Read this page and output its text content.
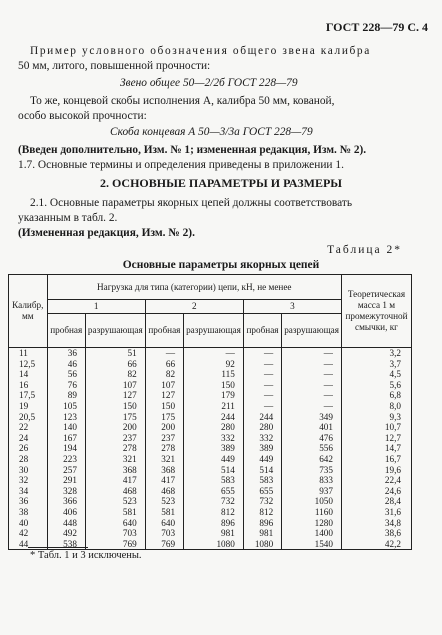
ГОСТ 228—79 С. 4
Пример условного обозначения общего звена калибра
50 мм, литого, повышенной прочности:
Звено общее 50—2/2б ГОСТ 228—79
То же, концевой скобы исполнения А, калибра 50 мм, кованой,
особо высокой прочности:
Скоба концевая А 50—3/3а ГОСТ 228—79
(Введен дополнительно, Изм. № 1; измененная редакция, Изм. № 2).
1.7. Основные термины и определения приведены в приложении 1.
2. ОСНОВНЫЕ ПАРАМЕТРЫ И РАЗМЕРЫ
2.1. Основные параметры якорных цепей должны соответствовать
указанным в табл. 2.
(Измененная редакция, Изм. № 2).
Таблица 2*
Основные параметры якорных цепей
Калибр, мм	Нагрузка для типа (категории) цепи, кН, не менее						Теоретическая масса 1 м промежуточной смычки, кг
	1		2		3		
	пробная	разрушающая	пробная	разрушающая	пробная	разрушающая	
11	36	51	—	—	—	—	3,2
12,5	46	66	66	92	—	—	3,7
14	56	82	82	115	—	—	4,5
16	76	107	107	150	—	—	5,6
17,5	89	127	127	179	—	—	6,8
19	105	150	150	211	—	—	8,0
20,5	123	175	175	244	244	349	9,3
22	140	200	200	280	280	401	10,7
24	167	237	237	332	332	476	12,7
26	194	278	278	389	389	556	14,7
28	223	321	321	449	449	642	16,7
30	257	368	368	514	514	735	19,6
32	291	417	417	583	583	833	22,4
34	328	468	468	655	655	937	24,6
36	366	523	523	732	732	1050	28,4
38	406	581	581	812	812	1160	31,6
40	448	640	640	896	896	1280	34,8
42	492	703	703	981	981	1400	38,6
44	538	769	769	1080	1080	1540	42,2
* Табл. 1 и 3 исключены.
